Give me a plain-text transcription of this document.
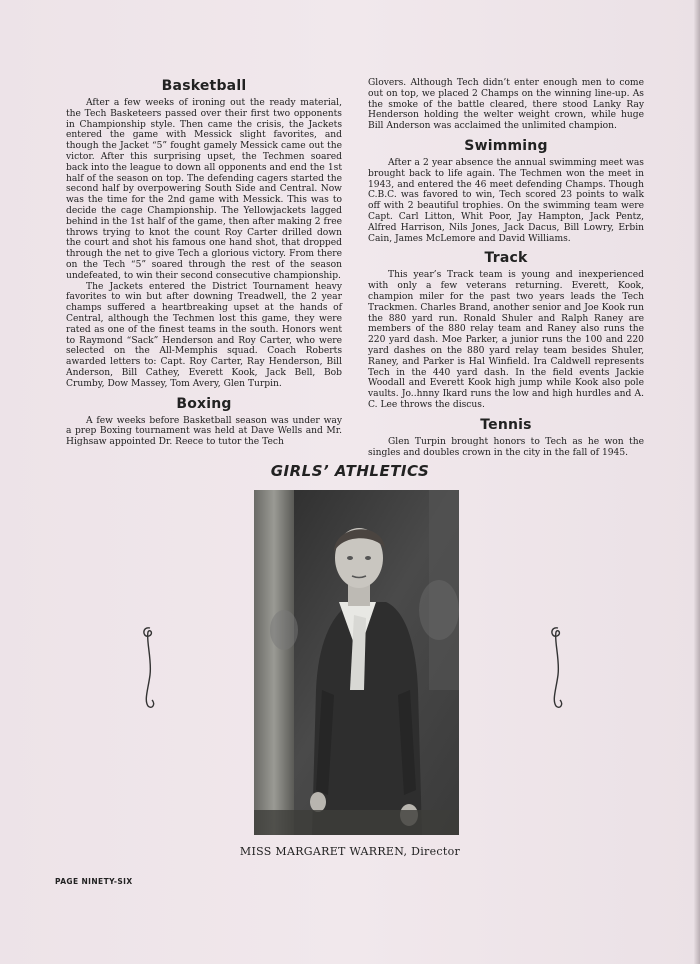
Basketball

After a few weeks of ironing out the ready material, the Tech Basketeers passed over their first two opponents in Championship style. Then came the crisis, the Jackets entered the game with Messick slight favorites, and though the Jacket “5” fought gamely Messick came out the victor. After this surprising upset, the Techmen soared back into the league to down all opponents and end the 1st half of the season on top. The defending cagers started the second half by overpowering South Side and Central. Now was the time for the 2nd game with Messick. This was to decide the cage Championship. The Yellowjackets lagged behind in the 1st half of the game, then after making 2 free throws trying to knot the count Roy Carter drilled down the court and shot his famous one hand shot, that dropped through the net to give Tech a glorious victory. From there on the Tech “5” soared through the rest of the season undefeated, to win their second consecutive championship.

The Jackets entered the District Tournament heavy favorites to win but after downing Treadwell, the 2 year champs suffered a heartbreaking upset at the hands of Central, although the Techmen lost this game, they were rated as one of the finest teams in the south. Honors went to Raymond “Sack” Henderson and Roy Carter, who were selected on the All-Memphis squad. Coach Roberts awarded letters to: Capt. Roy Carter, Ray Henderson, Bill Anderson, Bill Cathey, Everett Kook, Jack Bell, Bob Crumby, Dow Massey, Tom Avery, Glen Turpin.

Boxing

A few weeks before Basketball season was under way a prep Boxing tournament was held at Dave Wells and Mr. Highsaw appointed Dr. Reece to tutor the Tech

Glovers. Although Tech didn’t enter enough men to come out on top, we placed 2 Champs on the winning line-up. As the smoke of the battle cleared, there stood Lanky Ray Henderson holding the welter weight crown, while huge Bill Anderson was acclaimed the unlimited champion.

Swimming

After a 2 year absence the annual swimming meet was brought back to life again. The Techmen won the meet in 1943, and entered the 46 meet defending Champs. Though C.B.C. was favored to win, Tech scored 23 points to walk off with 2 beautiful trophies. On the swimming team were Capt. Carl Litton, Whit Poor, Jay Hampton, Jack Pentz, Alfred Harrison, Nils Jones, Jack Dacus, Bill Lowry, Erbin Cain, James McLemore and David Williams.

Track

This year’s Track team is young and inexperienced with only a few veterans returning. Everett, Kook, champion miler for the past two years leads the Tech Trackmen. Charles Brand, another senior and Joe Kook run the 880 yard run. Ronald Shuler and Ralph Raney are members of the 880 relay team and Raney also runs the 220 yard dash. Moe Parker, a junior runs the 100 and 220 yard dashes on the 880 yard relay team besides Shuler, Raney, and Parker is Hal Winfield. Ira Caldwell represents Tech in the 440 yard dash. In the field events Jackie Woodall and Everett Kook high jump while Kook also pole vaults. Jo..hnny Ikard runs the low and high hurdles and A. C. Lee throws the discus.

Tennis

Glen Turpin brought honors to Tech as he won the singles and doubles crown in the city in the fall of 1945.

GIRLS’ ATHLETICS
MISS MARGARET WARREN, Director
PAGE NINETY-SIX
